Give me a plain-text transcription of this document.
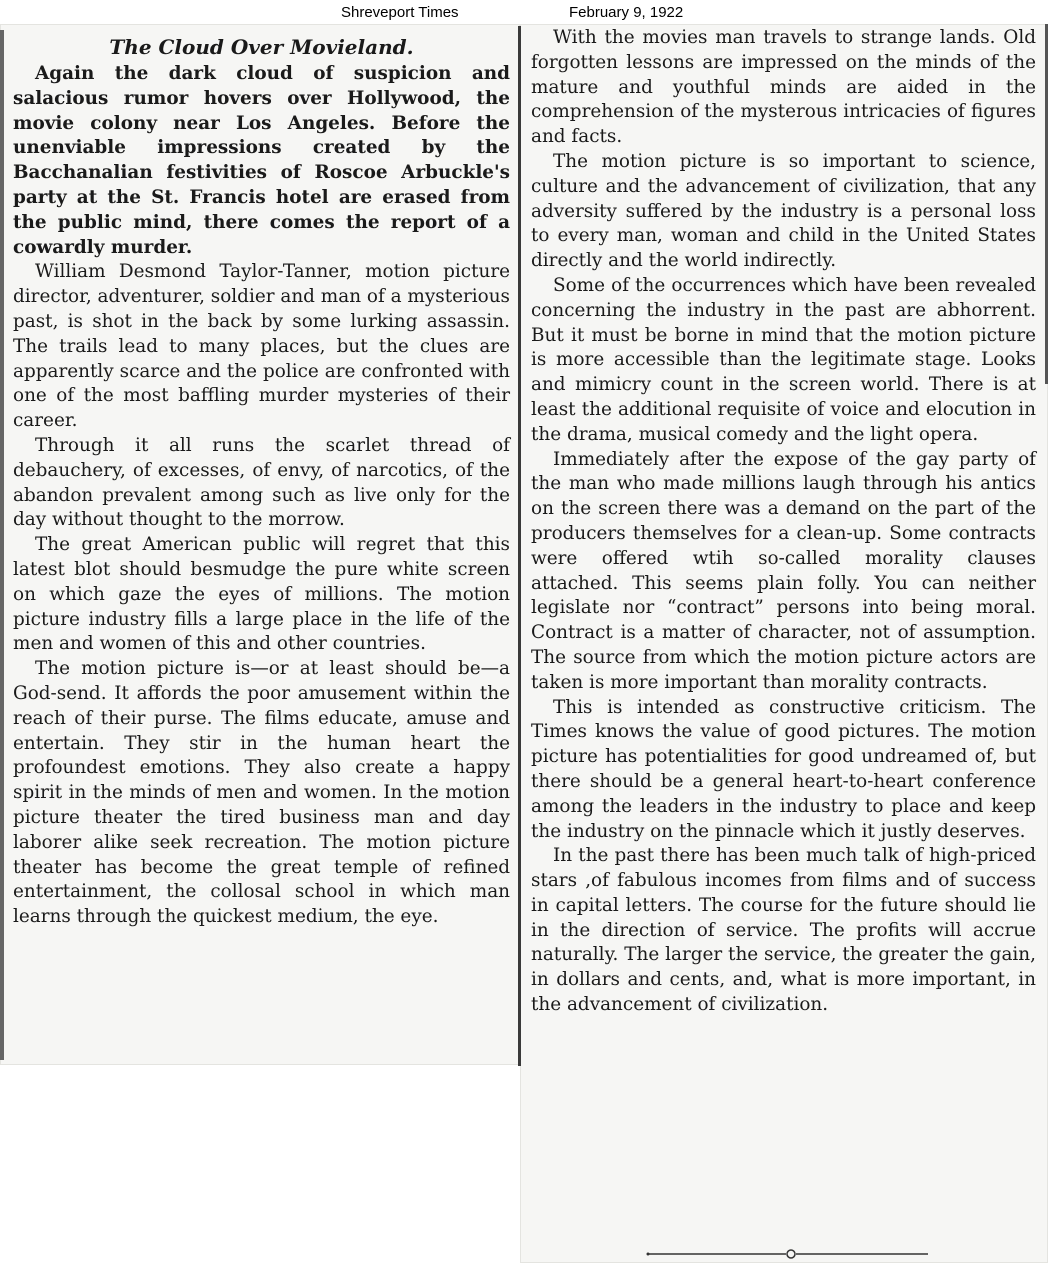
Shreveport Times	February 9, 1922
The Cloud Over Movieland.

Again the dark cloud of suspicion and salacious rumor hovers over Hollywood, the movie colony near Los Angeles. Before the unenviable impressions created by the Bacchanalian festivities of Roscoe Arbuckle's party at the St. Francis hotel are erased from the public mind, there comes the report of a cowardly murder.

William Desmond Taylor-Tanner, motion picture director, adventurer, soldier and man of a mysterious past, is shot in the back by some lurking assassin. The trails lead to many places, but the clues are apparently scarce and the police are confronted with one of the most baffling murder mysteries of their career.

Through it all runs the scarlet thread of debauchery, of excesses, of envy, of narcotics, of the abandon prevalent among such as live only for the day without thought to the morrow.

The great American public will regret that this latest blot should besmudge the pure white screen on which gaze the eyes of millions. The motion picture industry fills a large place in the life of the men and women of this and other countries.

The motion picture is—or at least should be—a God-send. It affords the poor amusement within the reach of their purse. The films educate, amuse and entertain. They stir in the human heart the profoundest emotions. They also create a happy spirit in the minds of men and women. In the motion picture theater the tired business man and day laborer alike seek recreation. The motion picture theater has become the great temple of refined entertainment, the collosal school in which man learns through the quickest medium, the eye.

With the movies man travels to strange lands. Old forgotten lessons are impressed on the minds of the mature and youthful minds are aided in the comprehension of the mysterous intricacies of figures and facts.

The motion picture is so important to science, culture and the advancement of civilization, that any adversity suffered by the industry is a personal loss to every man, woman and child in the United States directly and the world indirectly.

Some of the occurrences which have been revealed concerning the industry in the past are abhorrent. But it must be borne in mind that the motion picture is more accessible than the legitimate stage. Looks and mimicry count in the screen world. There is at least the additional requisite of voice and elocution in the drama, musical comedy and the light opera.

Immediately after the expose of the gay party of the man who made millions laugh through his antics on the screen there was a demand on the part of the producers themselves for a clean-up. Some contracts were offered wtih so-called morality clauses attached. This seems plain folly. You can neither legislate nor “contract” persons into being moral. Contract is a matter of character, not of assumption. The source from which the motion picture actors are taken is more important than morality contracts.

This is intended as constructive criticism. The Times knows the value of good pictures. The motion picture has potentialities for good undreamed of, but there should be a general heart-to-heart conference among the leaders in the industry to place and keep the industry on the pinnacle which it justly deserves.

In the past there has been much talk of high-priced stars ,of fabulous incomes from films and of success in capital letters. The course for the future should lie in the direction of service. The profits will accrue naturally. The larger the service, the greater the gain, in dollars and cents, and, what is more important, in the advancement of civilization.
